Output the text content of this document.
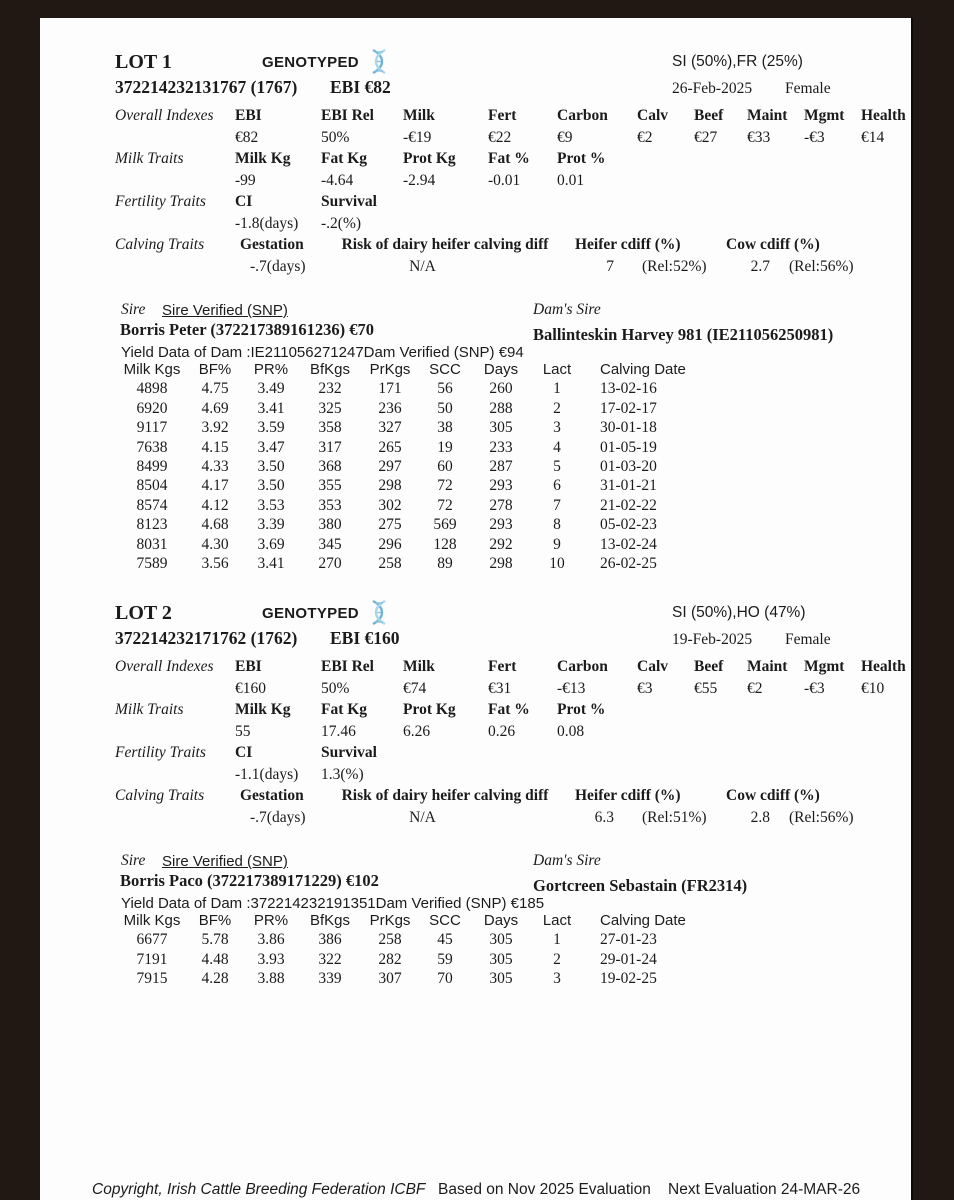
LOT 1	GENOTYPED	SI (50%),FR (25%)
372214232131767 (1767) EBI €82	26-Feb-2025 Female
Overall Indexes	EBI	EBI Rel	Milk	Fert	Carbon	Calv	Beef	Maint	Mgmt	Health
	€82	50%	-€19	€22	€9	€2	€27	€33	-€3	€14
Milk Traits	Milk Kg	Fat Kg	Prot Kg	Fat %	Prot %					
	-99	-4.64	-2.94	-0.01	0.01					
Fertility Traits	CI	Survival								
	-1.8(days)	-.2(%)								
Calving Traits	Gestation	Risk of dairy heifer calving diff	Heifer cdiff (%)		Cow cdiff (%)	
	-.7(days)	N/A	7	(Rel:52%)	2.7	(Rel:56%)
Sire Sire Verified (SNP)	Dam's Sire
Borris Peter (372217389161236) €70	Ballinteskin Harvey 981 (IE211056250981)
Yield Data of Dam :IE211056271247Dam Verified (SNP) €94
Milk Kgs	BF%	PR%	BfKgs	PrKgs	SCC	Days	Lact	Calving Date
4898	4.75	3.49	232	171	56	260	1	13-02-16
6920	4.69	3.41	325	236	50	288	2	17-02-17
9117	3.92	3.59	358	327	38	305	3	30-01-18
7638	4.15	3.47	317	265	19	233	4	01-05-19
8499	4.33	3.50	368	297	60	287	5	01-03-20
8504	4.17	3.50	355	298	72	293	6	31-01-21
8574	4.12	3.53	353	302	72	278	7	21-02-22
8123	4.68	3.39	380	275	569	293	8	05-02-23
8031	4.30	3.69	345	296	128	292	9	13-02-24
7589	3.56	3.41	270	258	89	298	10	26-02-25
LOT 2	GENOTYPED	SI (50%),HO (47%)
372214232171762 (1762) EBI €160	19-Feb-2025 Female
Overall Indexes	EBI	EBI Rel	Milk	Fert	Carbon	Calv	Beef	Maint	Mgmt	Health
	€160	50%	€74	€31	-€13	€3	€55	€2	-€3	€10
Milk Traits	Milk Kg	Fat Kg	Prot Kg	Fat %	Prot %					
	55	17.46	6.26	0.26	0.08					
Fertility Traits	CI	Survival								
	-1.1(days)	1.3(%)								
Calving Traits	Gestation	Risk of dairy heifer calving diff	Heifer cdiff (%)		Cow cdiff (%)	
	-.7(days)	N/A	6.3	(Rel:51%)	2.8	(Rel:56%)
Sire Sire Verified (SNP)	Dam's Sire
Borris Paco (372217389171229) €102	Gortcreen Sebastain (FR2314)
Yield Data of Dam :372214232191351Dam Verified (SNP) €185
Milk Kgs	BF%	PR%	BfKgs	PrKgs	SCC	Days	Lact	Calving Date
6677	5.78	3.86	386	258	45	305	1	27-01-23
7191	4.48	3.93	322	282	59	305	2	29-01-24
7915	4.28	3.88	339	307	70	305	3	19-02-25
Copyright, Irish Cattle Breeding Federation ICBF Based on Nov 2025 Evaluation Next Evaluation 24-MAR-26
